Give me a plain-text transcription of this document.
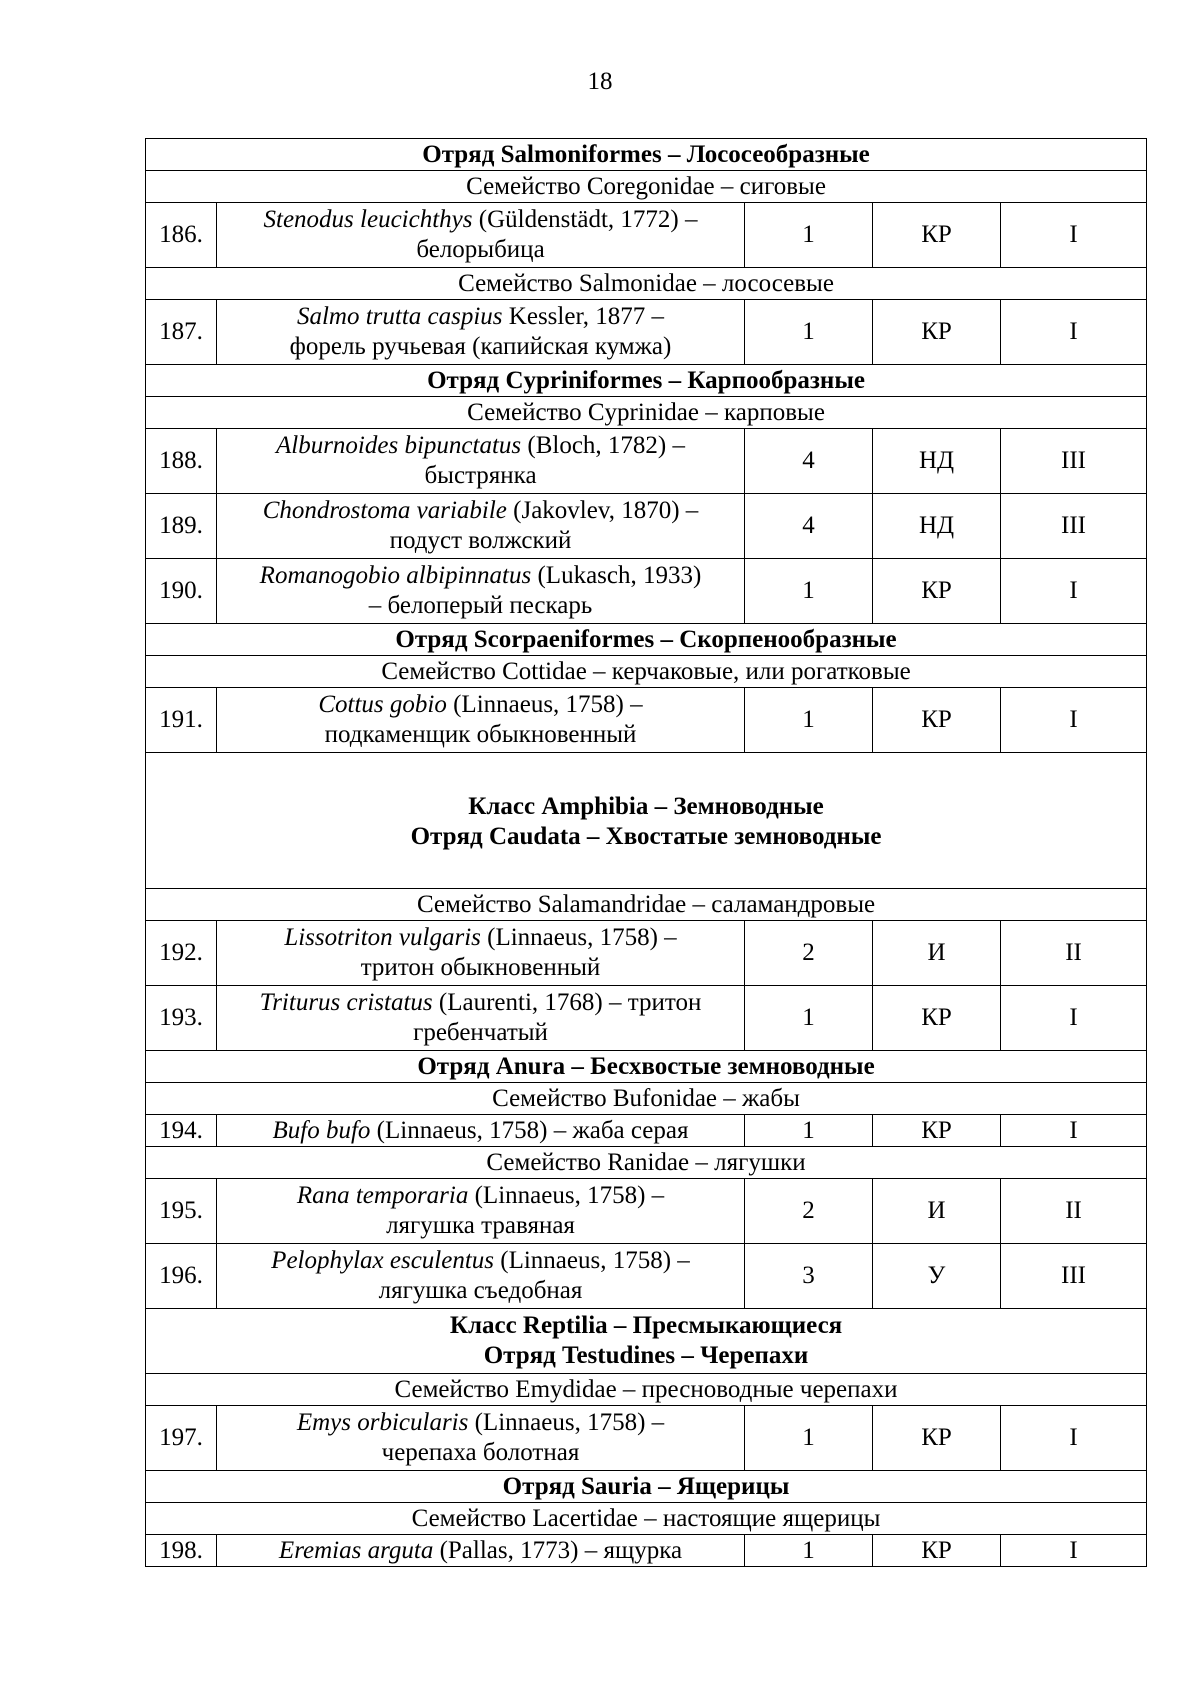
18
Отряд Salmoniformes – Лососеобразные				
Семейство Coregonidae – сиговые				
186.	Stenodus leucichthys (Güldenstädt, 1772) –
белорыбица	1	КР	I
Семейство Salmonidae – лососевые				
187.	Salmo trutta caspius Kessler, 1877 –
форель ручьевая (капийская кумжа)	1	КР	I
Отряд Cypriniformes – Карпообразные				
Семейство Cyprinidae – карповые				
188.	Alburnoides bipunctatus (Bloch, 1782) –
быстрянка	4	НД	III
189.	Chondrostoma variabile (Jakovlev, 1870) –
подуст волжский	4	НД	III
190.	Romanogobio albipinnatus (Lukasch, 1933)
– белоперый пескарь	1	КР	I
Отряд Scorpaeniformes – Скорпенообразные				
Семейство Cottidae – керчаковые, или рогатковые				
191.	Cottus gobio (Linnaeus, 1758) –
подкаменщик обыкновенный	1	КР	I

Класс Amphibia – Земноводные
Отряд Caudata – Хвостатые земноводные				

Семейство Salamandridae – саламандровые				
192.	Lissotriton vulgaris (Linnaeus, 1758) –
тритон обыкновенный	2	И	II
193.	Triturus cristatus (Laurenti, 1768) – тритон
гребенчатый	1	КР	I
Отряд Anura – Бесхвостые земноводные				
Семейство Bufonidae – жабы				
194.	Bufo bufo (Linnaeus, 1758) – жаба серая	1	КР	I
Семейство Ranidae – лягушки				
195.	Rana temporaria (Linnaeus, 1758) –
лягушка травяная	2	И	II
196.	Pelophylax esculentus (Linnaeus, 1758) –
лягушка съедобная	3	У	III

Класс Reptilia – Пресмыкающиеся
Отряд Testudines – Черепахи				

Семейство Emydidae – пресноводные черепахи				
197.	Emys orbicularis (Linnaeus, 1758) –
черепаха болотная	1	КР	I
Отряд Sauria – Ящерицы				
Семейство Lacertidae – настоящие ящерицы				
198.	Eremias arguta (Pallas, 1773) – ящурка	1	КР	I
